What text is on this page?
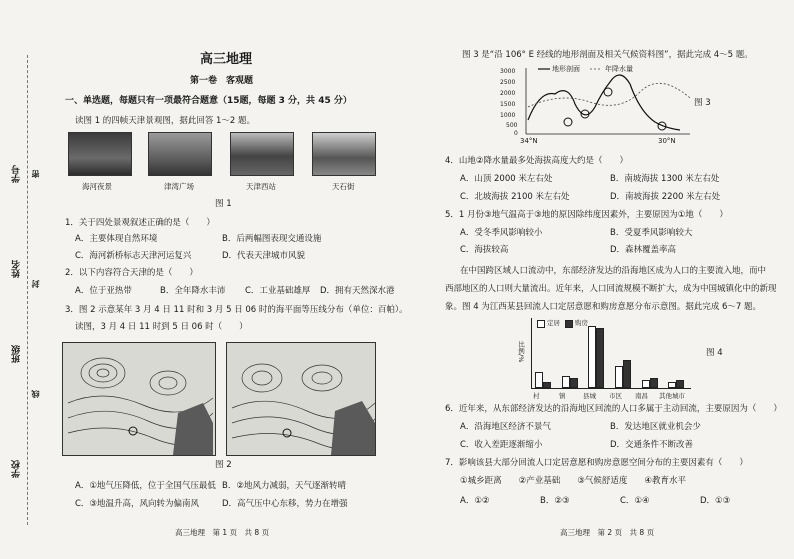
学校
班级
姓名
学号
线
封
密
高三地理
第一卷　客观题
一、单选题，每题只有一项最符合题意（15题，每题 3 分，共 45 分）
读图 1 的四帧天津景观图，据此回答 1～2 题。
海河夜景	津湾广场	天津西站	天石街
图 1
1．关于四处景观叙述正确的是（　　）
A．主要体现自然环境	B．后两幅图表现交通设施
C．海河新桥标志天津河运复兴	D．代表天津城市风貌
2．以下内容符合天津的是（　　）
A．位于亚热带	B．全年降水丰沛 C．工业基础雄厚 D．拥有天然深水港
3．图 2 示意某年 3 月 4 日 11 时和 3 月 5 日 06 时的海平面等压线分布（单位：百帕）。
读图，3 月 4 日 11 时到 5 日 06 时（　　）
图 2
A．①地气压降低，位于全国气压最低 B．②地风力减弱，天气逐渐转晴
C．③地温升高，风向转为偏南风	D．高气压中心东移，势力在增强
高三地理　第 1 页　共 8 页
图 3 是“沿 106° E 经线的地形剖面及相关气候资料图”，据此完成 4～5 题。
地形剖面	年降水量
3000
2500
2000
1500
1000
500
0
34°N	30°N
图 3
4．山地②降水量最多处海拔高度大约是（　　）
A．山顶 2000 米左右处	B．南坡海拔 1300 米左右处
C．北坡海拔 2100 米左右处	D．南坡海拔 2200 米左右处
5．1 月份③地气温高于③地的原因除纬度因素外，主要原因为①地（　　）
A．受冬季风影响较小	B．受夏季风影响较大
C．海拔较高	D．森林覆盖率高
在中国跨区域人口流动中，东部经济发达的沿海地区成为人口的主要流入地，而中
西部地区的人口则大量流出。近年来，人口回流规模不断扩大，成为中国城镇化中的新现
象。图 4 为江西某县回流人口定居意愿和购房意愿分布示意图。据此完成 6～7 题。
比例/%
定居 购房
村	镇	县城 市区 南昌 其他城市
图 4
6．近年来，从东部经济发达的沿海地区回流的人口多属于主动回流，主要原因为（　　）
A．沿海地区经济不景气	B．发达地区就业机会少
C．收入差距逐渐缩小	D．交通条件不断改善
7．影响该县大部分回流人口定居意愿和购房意愿空间分布的主要因素有（　　）
①城乡距离　　②产业基础　　③气候舒适度　　④教育水平
A．①②	B．②③	C．①④	D．①③
高三地理　第 2 页　共 8 页
